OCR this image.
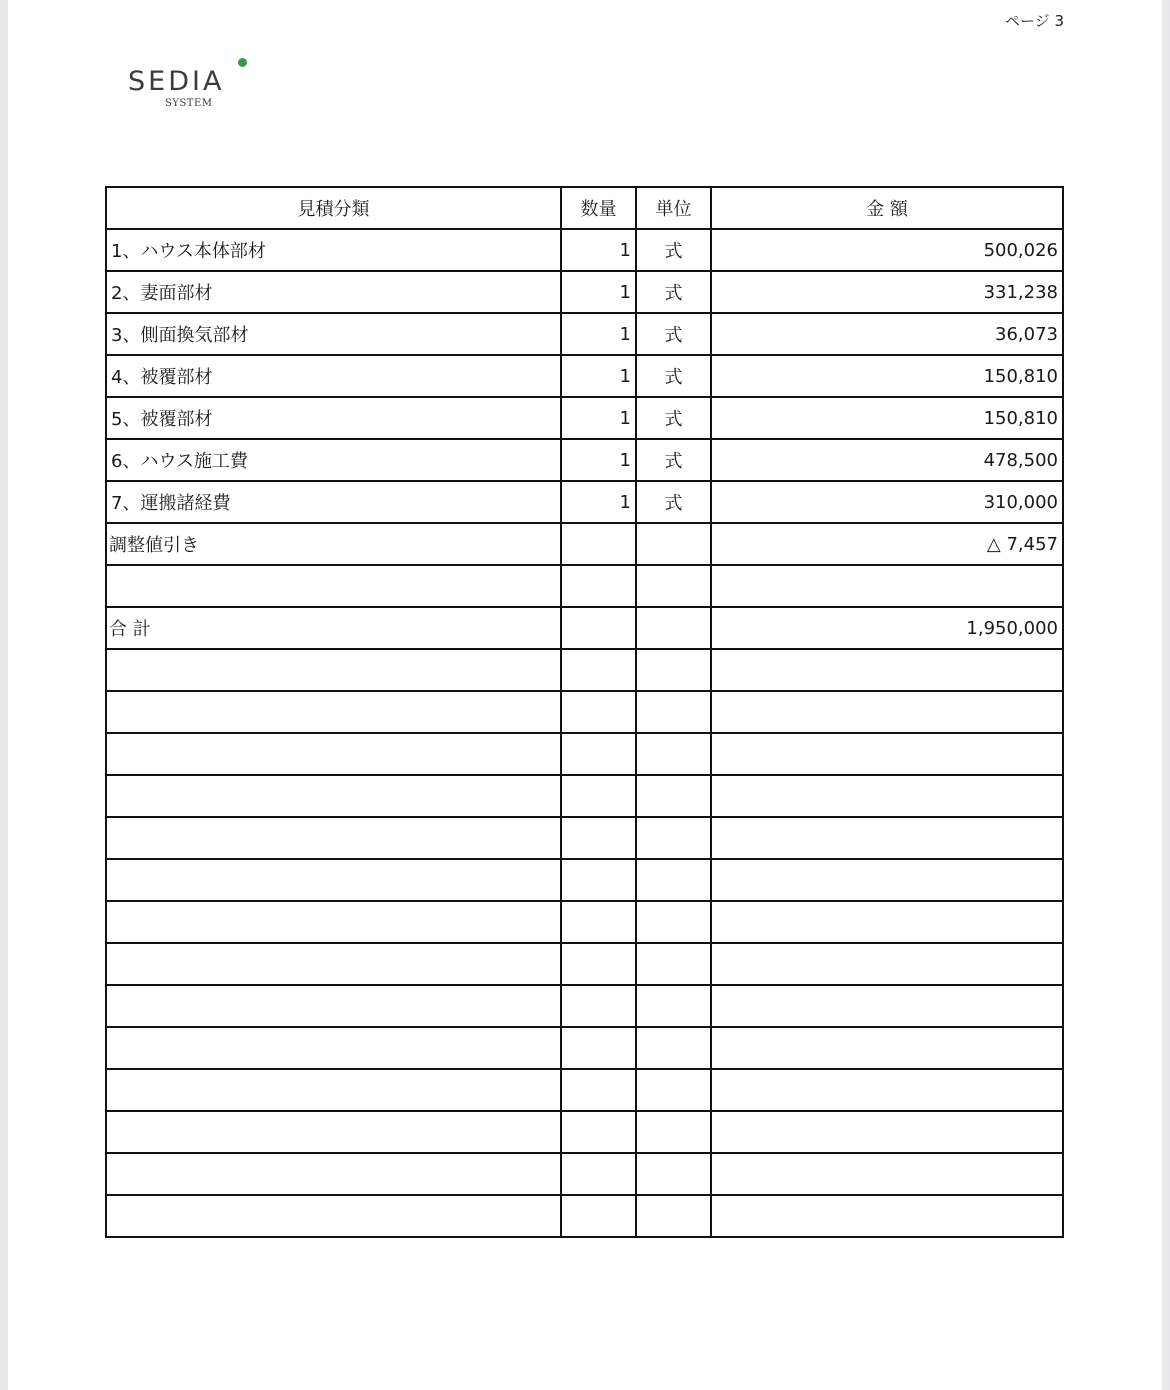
ページ 3
SEDIA
SYSTEM
見積分類	数量	単位	金 額
1、ハウス本体部材	1	式	500,026
2、妻面部材	1	式	331,238
3、側面換気部材	1	式	36,073
4、被覆部材	1	式	150,810
5、被覆部材	1	式	150,810
6、ハウス施工費	1	式	478,500
7、運搬諸経費	1	式	310,000
調整値引き			△ 7,457

合 計			1,950,000
